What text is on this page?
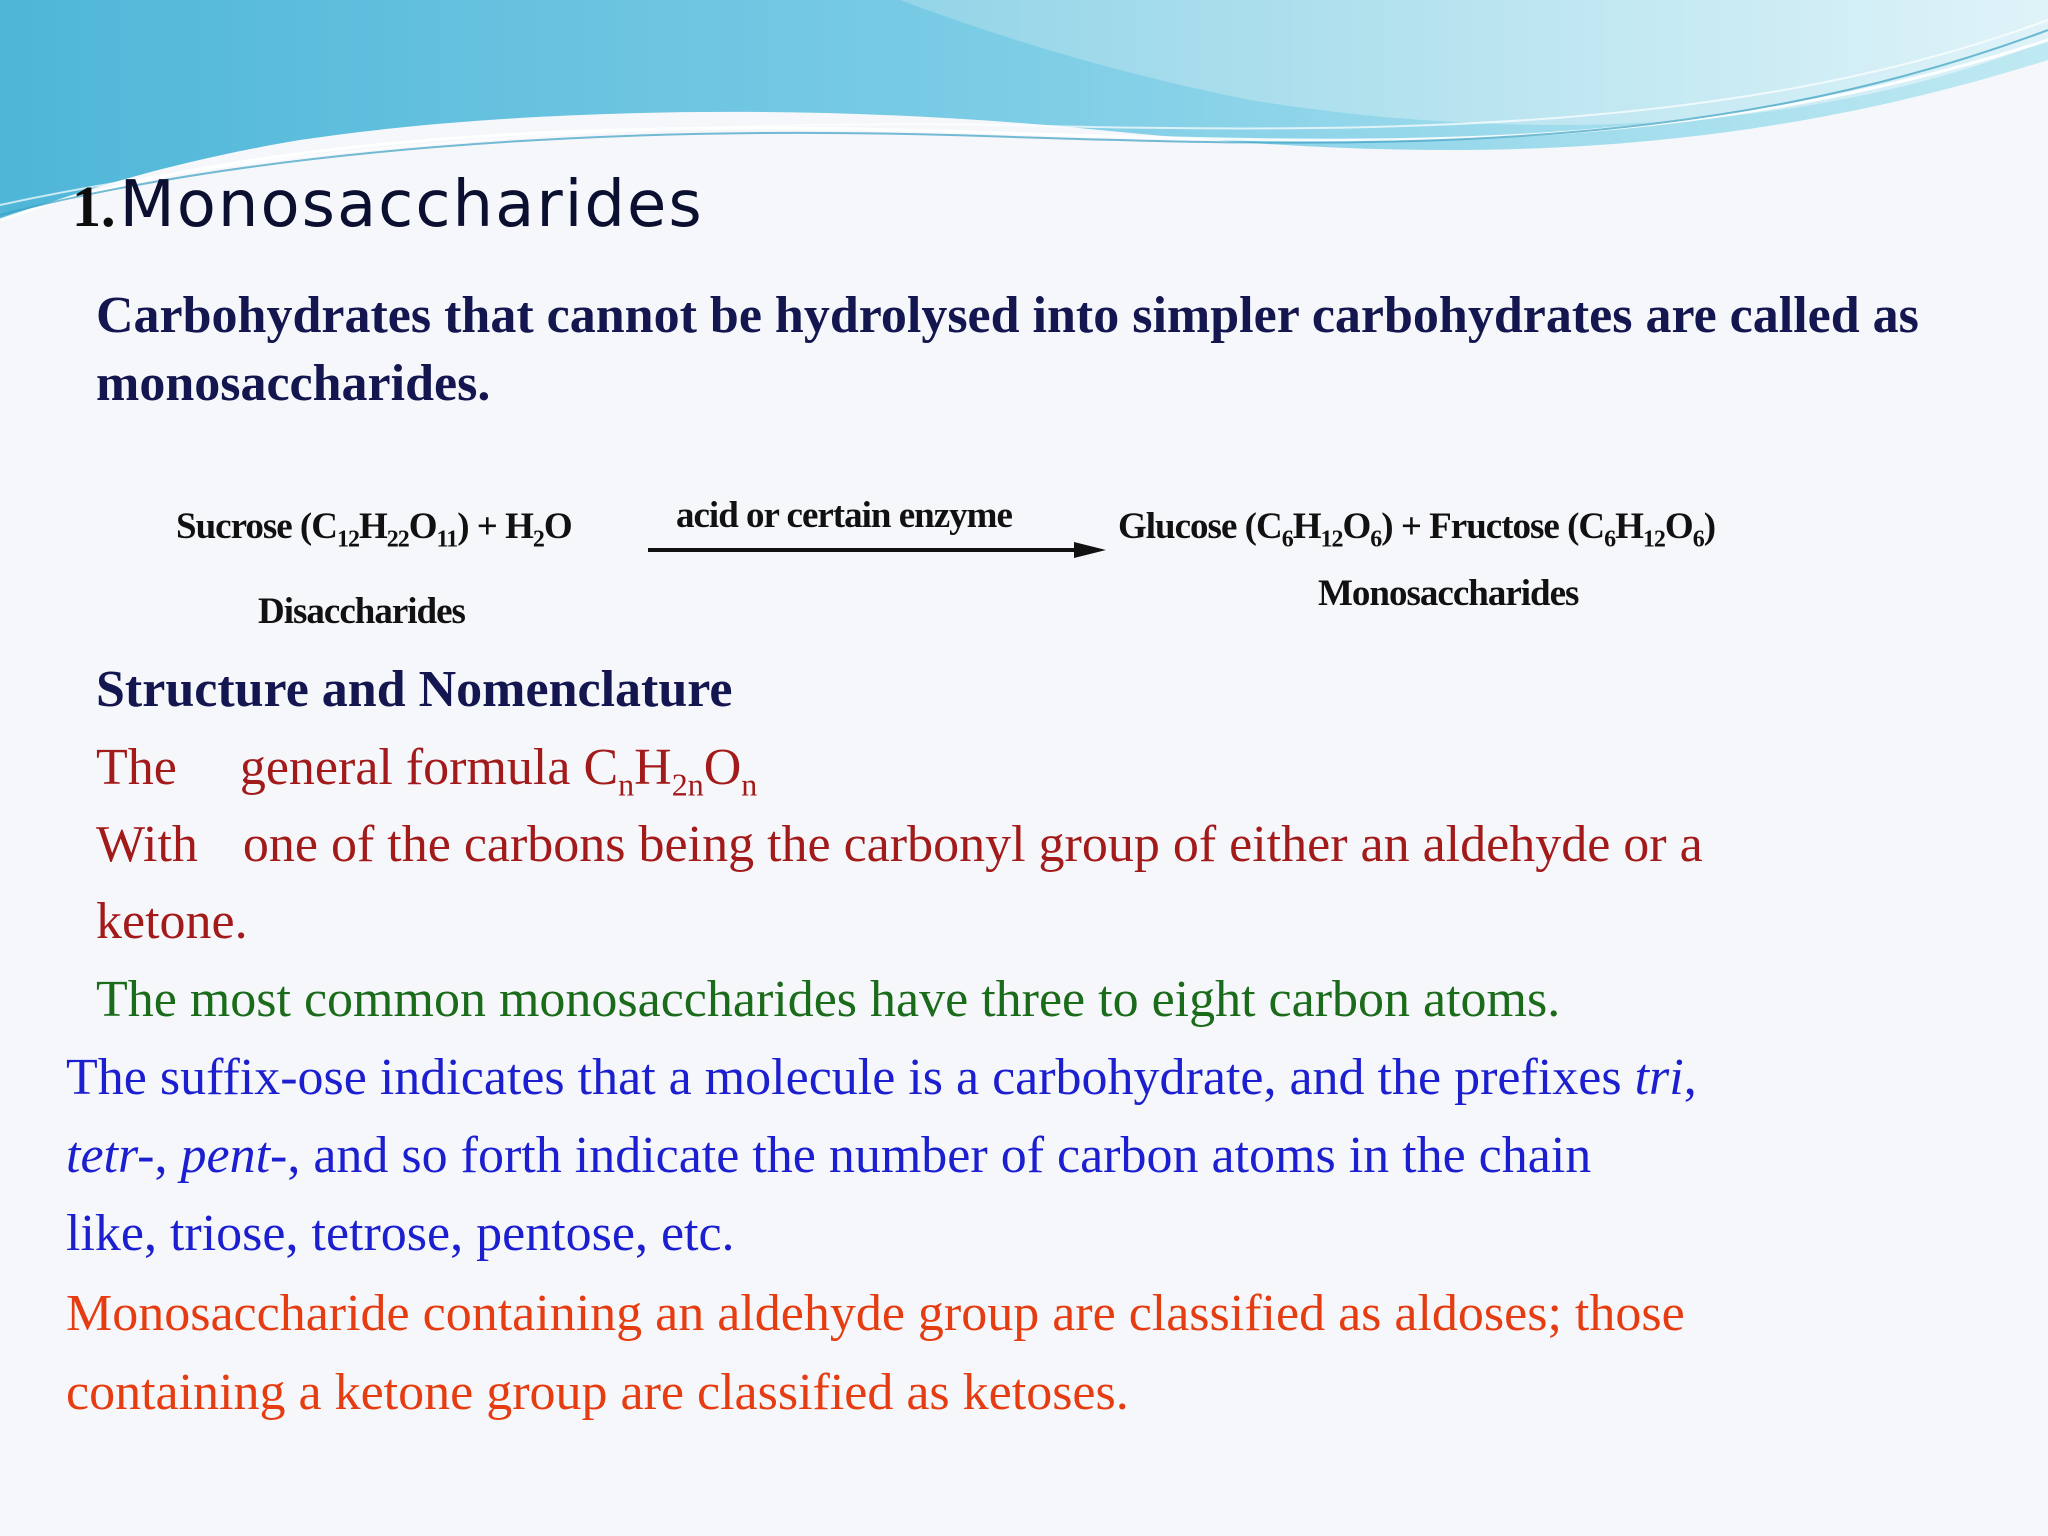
1. Monosaccharides
Carbohydrates that cannot be hydrolysed into simpler carbohydrates are called as monosaccharides.
Sucrose $(C_{12}H_{22}O_{11}) + H_2O$	acid or certain enzyme	Glucose $(C_6H_{12}O_6)$ + Fructose $(C_6H_{12}O_6)$
Disaccharides	Monosaccharides
Structure and Nomenclature
The general formula $C_nH_{2n}O_n$
With one of the carbons being the carbonyl group of either an aldehyde or a
ketone.
The most common monosaccharides have three to eight carbon atoms.
The suffix-ose indicates that a molecule is a carbohydrate, and the prefixes tri,
tetr-, pent-, and so forth indicate the number of carbon atoms in the chain
like, triose, tetrose, pentose, etc.
Monosaccharide containing an aldehyde group are classified as aldoses; those
containing a ketone group are classified as ketoses.
